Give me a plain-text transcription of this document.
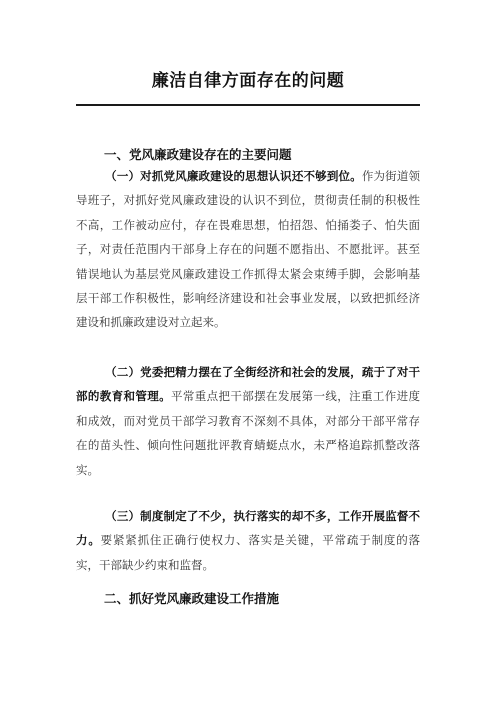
廉洁自律方面存在的问题
一、党风廉政建设存在的主要问题
（一）对抓党风廉政建设的思想认识还不够到位。作为街道领导班子，对抓好党风廉政建设的认识不到位，贯彻责任制的积极性不高，工作被动应付，存在畏难思想，怕招怨、怕捅娄子、怕失面子，对责任范围内干部身上存在的问题不愿指出、不愿批评。甚至错误地认为基层党风廉政建设工作抓得太紧会束缚手脚，会影响基层干部工作积极性，影响经济建设和社会事业发展，以致把抓经济建设和抓廉政建设对立起来。
（二）党委把精力摆在了全街经济和社会的发展，疏于了对干部的教育和管理。平常重点把干部摆在发展第一线，注重工作进度和成效，而对党员干部学习教育不深刻不具体，对部分干部平常存在的苗头性、倾向性问题批评教育蜻蜓点水，未严格追踪抓整改落实。
（三）制度制定了不少，执行落实的却不多，工作开展监督不力。要紧紧抓住正确行使权力、落实是关键，平常疏于制度的落实，干部缺少约束和监督。
二、抓好党风廉政建设工作措施
